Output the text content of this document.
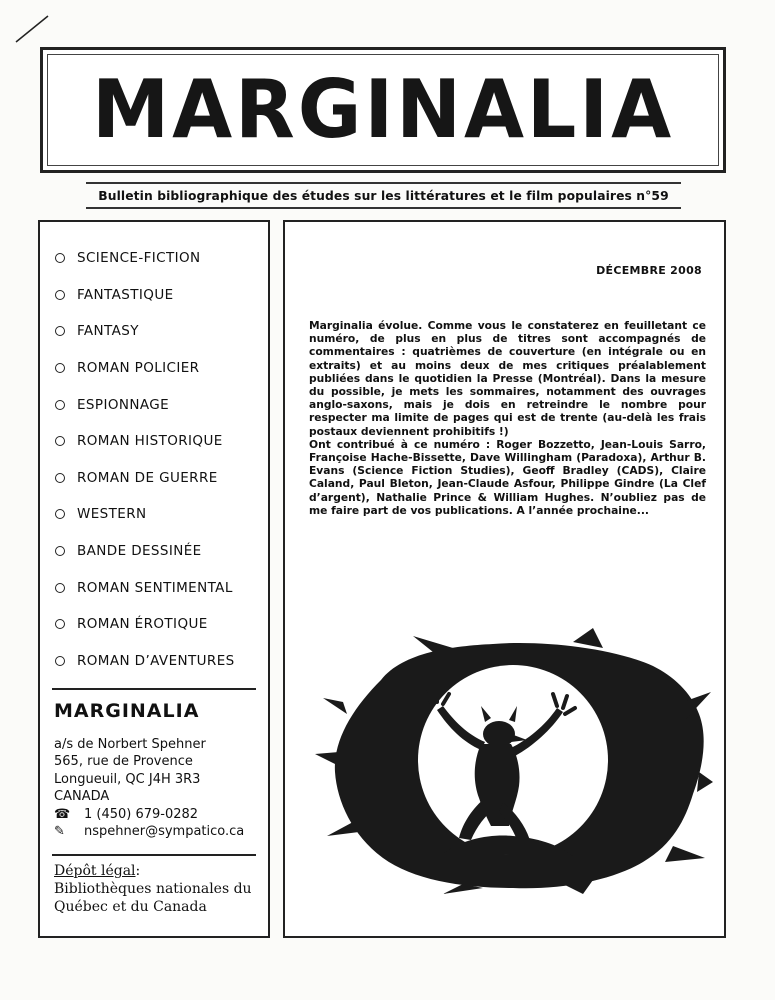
MARGINALIA
Bulletin bibliographique des études sur les littératures et le film populaires n°59
SCIENCE-FICTION
FANTASTIQUE
FANTASY
ROMAN POLICIER
ESPIONNAGE
ROMAN HISTORIQUE
ROMAN DE GUERRE
WESTERN
BANDE DESSINÉE
ROMAN SENTIMENTAL
ROMAN ÉROTIQUE
ROMAN D’AVENTURES
MARGINALIA
a/s de Norbert Spehner
565, rue de Provence
Longueuil, QC J4H 3R3
CANADA
☎	1 (450) 679-0282
✎	nspehner@sympatico.ca
Dépôt légal:
Bibliothèques nationales du
Québec et du Canada
DÉCEMBRE 2008

Marginalia évolue. Comme vous le constaterez en feuilletant ce numéro, de plus en plus de titres sont accompagnés de commentaires : quatrièmes de couverture (en intégrale ou en extraits) et au moins deux de mes critiques préalablement publiées dans le quotidien la Presse (Montréal). Dans la mesure du possible, je mets les sommaires, notamment des ouvrages anglo-saxons, mais je dois en retreindre le nombre pour respecter ma limite de pages qui est de trente (au-delà les frais postaux deviennent prohibitifs !)

Ont contribué à ce numéro : Roger Bozzetto, Jean-Louis Sarro, Françoise Hache-Bissette, Dave Willingham (Paradoxa), Arthur B. Evans (Science Fiction Studies), Geoff Bradley (CADS), Claire Caland, Paul Bleton, Jean-Claude Asfour, Philippe Gindre (La Clef d’argent), Nathalie Prince & William Hughes. N’oubliez pas de me faire part de vos publications. A l’année prochaine...
